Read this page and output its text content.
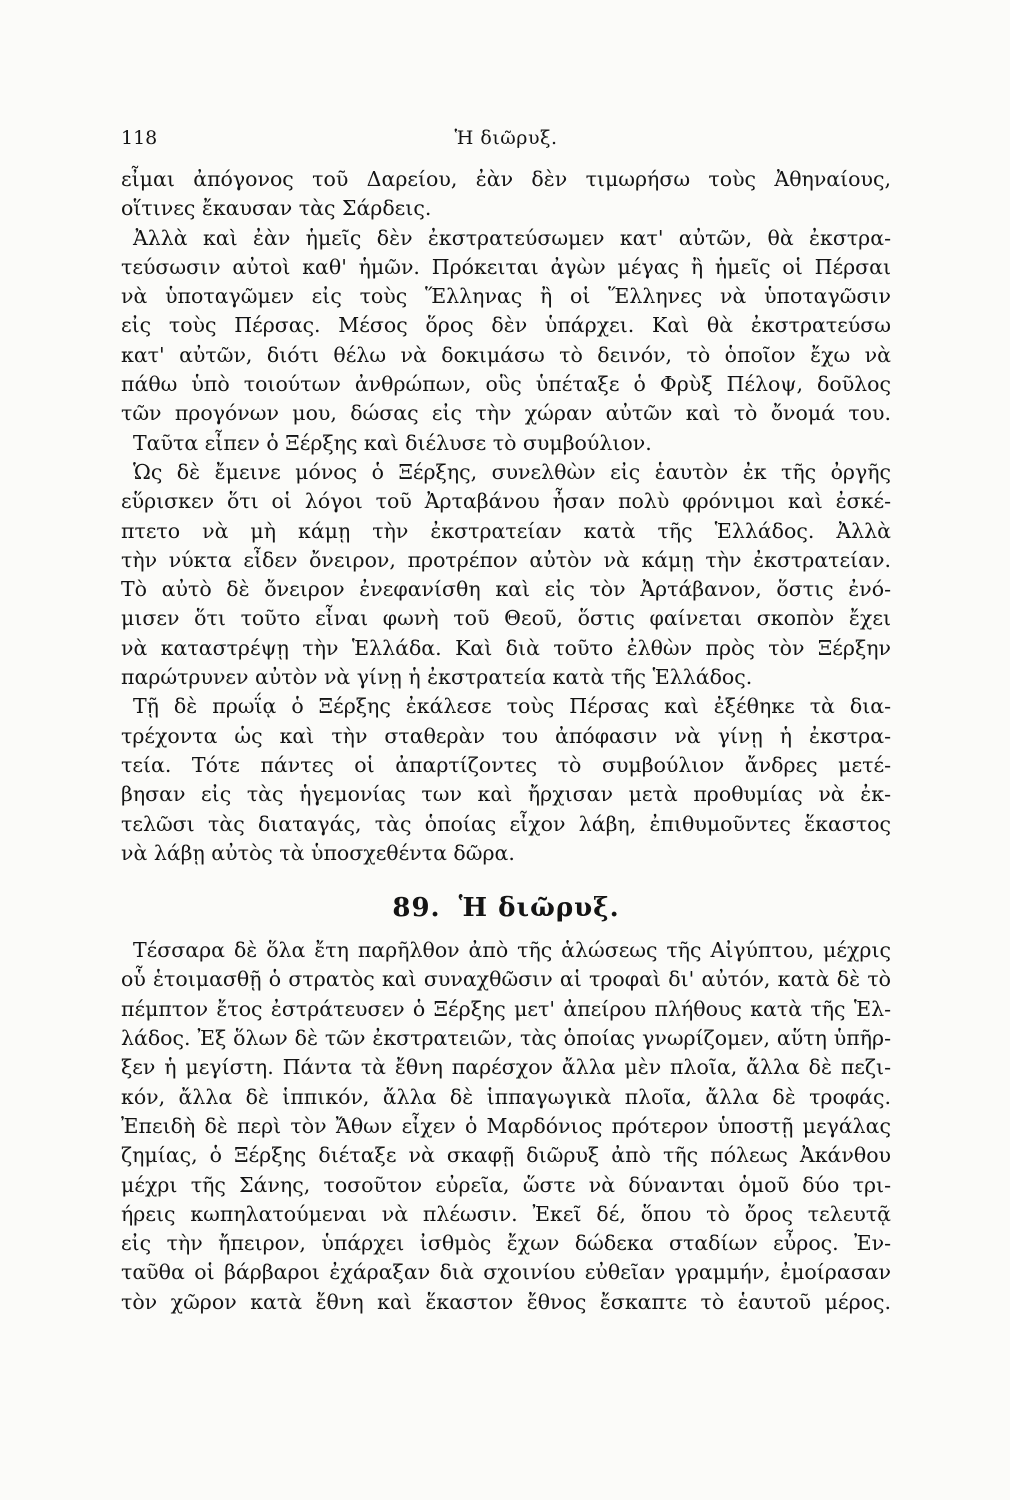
118	Ἡ διῶρυξ.
εἶμαι ἀπόγονος τοῦ Δαρείου, ἐὰν δὲν τιμωρήσω τοὺς Ἀθηναίους,
οἵτινες ἔκαυσαν τὰς Σάρδεις.
Ἀλλὰ καὶ ἐὰν ἡμεῖς δὲν ἐκστρατεύσωμεν κατ' αὐτῶν, θὰ ἐκστρα-
τεύσωσιν αὐτοὶ καθ' ἡμῶν. Πρόκειται ἀγὼν μέγας ἢ ἡμεῖς οἱ Πέρσαι
νὰ ὑποταγῶμεν εἰς τοὺς Ἕλληνας ἢ οἱ Ἕλληνες νὰ ὑποταγῶσιν
εἰς τοὺς Πέρσας. Μέσος ὅρος δὲν ὑπάρχει. Καὶ θὰ ἐκστρατεύσω
κατ' αὐτῶν, διότι θέλω νὰ δοκιμάσω τὸ δεινόν, τὸ ὁποῖον ἔχω νὰ
πάθω ὑπὸ τοιούτων ἀνθρώπων, οὓς ὑπέταξε ὁ Φρὺξ Πέλοψ, δοῦλος
τῶν προγόνων μου, δώσας εἰς τὴν χώραν αὐτῶν καὶ τὸ ὄνομά του.
Ταῦτα εἶπεν ὁ Ξέρξης καὶ διέλυσε τὸ συμβούλιον.
Ὡς δὲ ἔμεινε μόνος ὁ Ξέρξης, συνελθὼν εἰς ἑαυτὸν ἐκ τῆς ὀργῆς
εὕρισκεν ὅτι οἱ λόγοι τοῦ Ἀρταβάνου ἦσαν πολὺ φρόνιμοι καὶ ἐσκέ-
πτετο νὰ μὴ κάμῃ τὴν ἐκστρατείαν κατὰ τῆς Ἑλλάδος. Ἀλλὰ
τὴν νύκτα εἶδεν ὄνειρον, προτρέπον αὐτὸν νὰ κάμῃ τὴν ἐκστρατείαν.
Τὸ αὐτὸ δὲ ὄνειρον ἐνεφανίσθη καὶ εἰς τὸν Ἀρτάβανον, ὅστις ἐνό-
μισεν ὅτι τοῦτο εἶναι φωνὴ τοῦ Θεοῦ, ὅστις φαίνεται σκοπὸν ἔχει
νὰ καταστρέψῃ τὴν Ἑλλάδα. Καὶ διὰ τοῦτο ἐλθὼν πρὸς τὸν Ξέρξην
παρώτρυνεν αὐτὸν νὰ γίνῃ ἡ ἐκστρατεία κατὰ τῆς Ἑλλάδος.
Τῇ δὲ πρωΐᾳ ὁ Ξέρξης ἐκάλεσε τοὺς Πέρσας καὶ ἐξέθηκε τὰ δια-
τρέχοντα ὡς καὶ τὴν σταθερὰν του ἀπόφασιν νὰ γίνῃ ἡ ἐκστρα-
τεία. Τότε πάντες οἱ ἀπαρτίζοντες τὸ συμβούλιον ἄνδρες μετέ-
βησαν εἰς τὰς ἡγεμονίας των καὶ ἤρχισαν μετὰ προθυμίας νὰ ἐκ-
τελῶσι τὰς διαταγάς, τὰς ὁποίας εἶχον λάβη, ἐπιθυμοῦντες ἕκαστος
νὰ λάβῃ αὐτὸς τὰ ὑποσχεθέντα δῶρα.
89. Ἡ διῶρυξ.
Τέσσαρα δὲ ὅλα ἔτη παρῆλθον ἀπὸ τῆς ἁλώσεως τῆς Αἰγύπτου, μέχρις
οὗ ἑτοιμασθῇ ὁ στρατὸς καὶ συναχθῶσιν αἱ τροφαὶ δι' αὐτόν, κατὰ δὲ τὸ
πέμπτον ἔτος ἐστράτευσεν ὁ Ξέρξης μετ' ἀπείρου πλήθους κατὰ τῆς Ἑλ-
λάδος. Ἐξ ὅλων δὲ τῶν ἐκστρατειῶν, τὰς ὁποίας γνωρίζομεν, αὕτη ὑπῆρ-
ξεν ἡ μεγίστη. Πάντα τὰ ἔθνη παρέσχον ἄλλα μὲν πλοῖα, ἄλλα δὲ πεζι-
κόν, ἄλλα δὲ ἱππικόν, ἄλλα δὲ ἱππαγωγικὰ πλοῖα, ἄλλα δὲ τροφάς.
Ἐπειδὴ δὲ περὶ τὸν Ἄθων εἶχεν ὁ Μαρδόνιος πρότερον ὑποστῇ μεγάλας
ζημίας, ὁ Ξέρξης διέταξε νὰ σκαφῇ διῶρυξ ἀπὸ τῆς πόλεως Ἀκάνθου
μέχρι τῆς Σάνης, τοσοῦτον εὐρεῖα, ὥστε νὰ δύνανται ὁμοῦ δύο τρι-
ήρεις κωπηλατούμεναι νὰ πλέωσιν. Ἐκεῖ δέ, ὅπου τὸ ὄρος τελευτᾷ
εἰς τὴν ἤπειρον, ὑπάρχει ἰσθμὸς ἔχων δώδεκα σταδίων εὖρος. Ἐν-
ταῦθα οἱ βάρβαροι ἐχάραξαν διὰ σχοινίου εὐθεῖαν γραμμήν, ἐμοίρασαν
τὸν χῶρον κατὰ ἔθνη καὶ ἕκαστον ἔθνος ἔσκαπτε τὸ ἑαυτοῦ μέρος.
